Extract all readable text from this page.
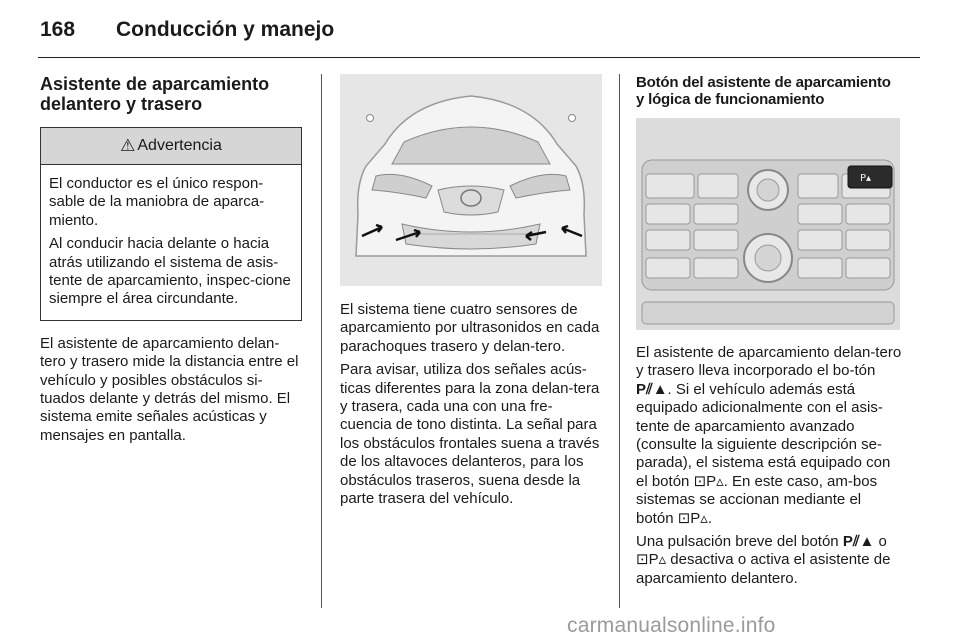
168	Conducción y manejo
Asistente de aparcamiento
delantero y trasero
⚠ Advertencia

El conductor es el único respon-sable de la maniobra de aparca-miento.

Al conducir hacia delante o hacia atrás utilizando el sistema de asis-tente de aparcamiento, inspec-cione siempre el área circundante.

El asistente de aparcamiento delan-tero y trasero mide la distancia entre el vehículo y posibles obstáculos si-tuados delante y detrás del mismo. El sistema emite señales acústicas y mensajes en pantalla.

El sistema tiene cuatro sensores de aparcamiento por ultrasonidos en cada parachoques trasero y delan-tero.

Para avisar, utiliza dos señales acús-ticas diferentes para la zona delan-tera y trasera, cada una con una fre-cuencia de tono distinta. La señal para los obstáculos frontales suena a través de los altavoces delanteros, para los obstáculos traseros, suena desde la parte trasera del vehículo.

Botón del asistente de aparcamiento y lógica de funcionamiento
P▴

El asistente de aparcamiento delan-tero y trasero lleva incorporado el bo-tón P⫽▲. Si el vehículo además está equipado adicionalmente con el asis-tente de aparcamiento avanzado (consulte la siguiente descripción se-parada), el sistema está equipado con el botón ⊡P▵. En este caso, am-bos sistemas se accionan mediante el botón ⊡P▵.

Una pulsación breve del botón P⫽▲ o ⊡P▵ desactiva o activa el asistente de aparcamiento delantero.

carmanualsonline.info
